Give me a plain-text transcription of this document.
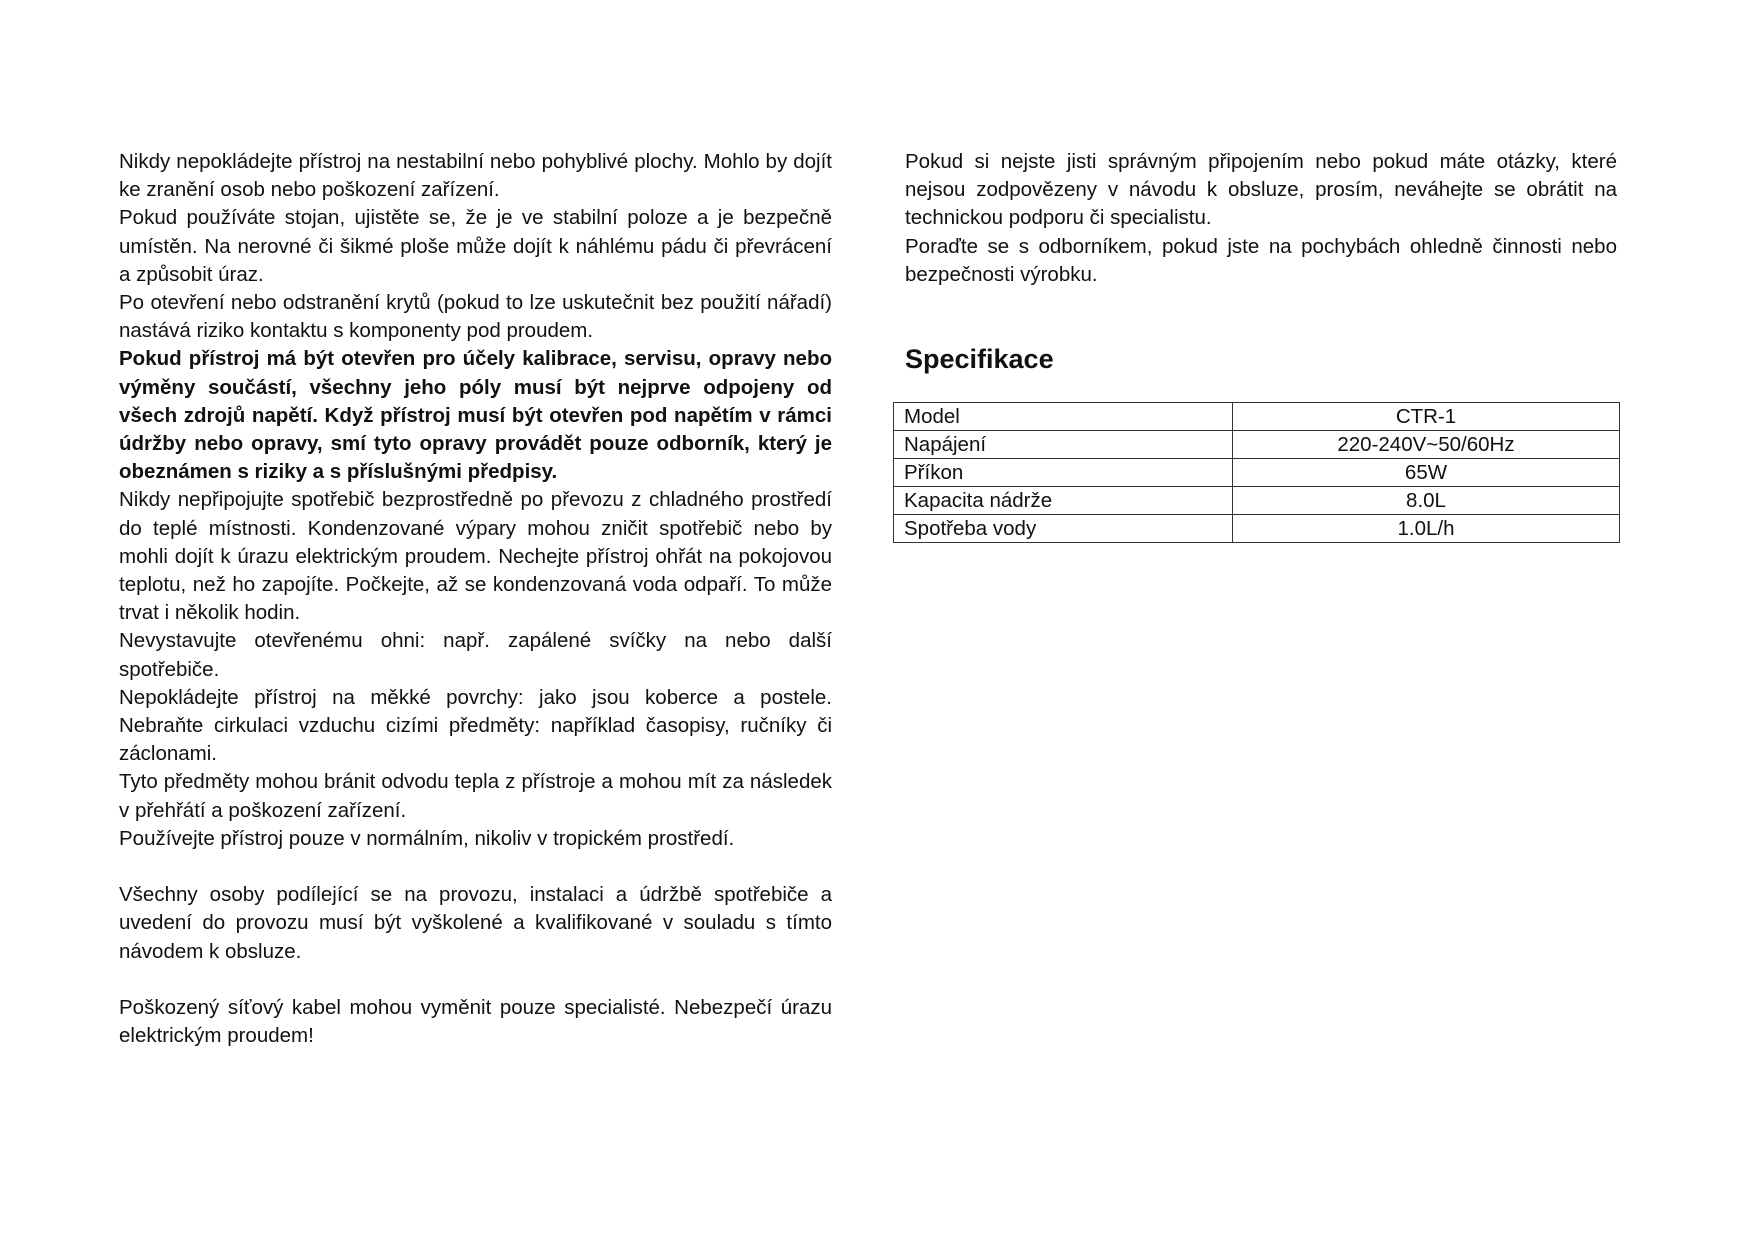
Nikdy nepokládejte přístroj na nestabilní nebo pohyblivé plochy. Mohlo by dojít ke zranění osob nebo poškození zařízení.

Pokud používáte stojan, ujistěte se, že je ve stabilní poloze a je bezpečně umístěn. Na nerovné či šikmé ploše může dojít k náhlému pádu či převrácení a způsobit úraz.

Po otevření nebo odstranění krytů (pokud to lze uskutečnit bez použití nářadí) nastává riziko kontaktu s komponenty pod proudem.

Pokud přístroj má být otevřen pro účely kalibrace, servisu, opravy nebo výměny součástí, všechny jeho póly musí být nejprve odpojeny od všech zdrojů napětí. Když přístroj musí být otevřen pod napětím v rámci údržby nebo opravy, smí tyto opravy provádět pouze odborník, který je obeznámen s riziky a s příslušnými předpisy.

Nikdy nepřipojujte spotřebič bezprostředně po převozu z chladného prostředí do teplé místnosti. Kondenzované výpary mohou zničit spotřebič nebo by mohli dojít k úrazu elektrickým proudem. Nechejte přístroj ohřát na pokojovou teplotu, než ho zapojíte. Počkejte, až se kondenzovaná voda odpaří. To může trvat i několik hodin.

Nevystavujte otevřenému ohni: např. zapálené svíčky na nebo další spotřebiče.

Nepokládejte přístroj na měkké povrchy: jako jsou koberce a postele. Nebraňte cirkulaci vzduchu cizími předměty: například časopisy, ručníky či záclonami.

Tyto předměty mohou bránit odvodu tepla z přístroje a mohou mít za následek v přehřátí a poškození zařízení.

Používejte přístroj pouze v normálním, nikoliv v tropickém prostředí.

Všechny osoby podílející se na provozu, instalaci a údržbě spotřebiče a uvedení do provozu musí být vyškolené a kvalifikované v souladu s tímto návodem k obsluze.

Poškozený síťový kabel mohou vyměnit pouze specialisté. Nebezpečí úrazu elektrickým proudem!

Pokud si nejste jisti správným připojením nebo pokud máte otázky, které nejsou zodpovězeny v návodu k obsluze, prosím, neváhejte se obrátit na technickou podporu či specialistu.

Poraďte se s odborníkem, pokud jste na pochybách ohledně činnosti nebo bezpečnosti výrobku.

Specifikace
Model	CTR-1
Napájení	220-240V~50/60Hz
Příkon	65W
Kapacita nádrže	8.0L
Spotřeba vody	1.0L/h
